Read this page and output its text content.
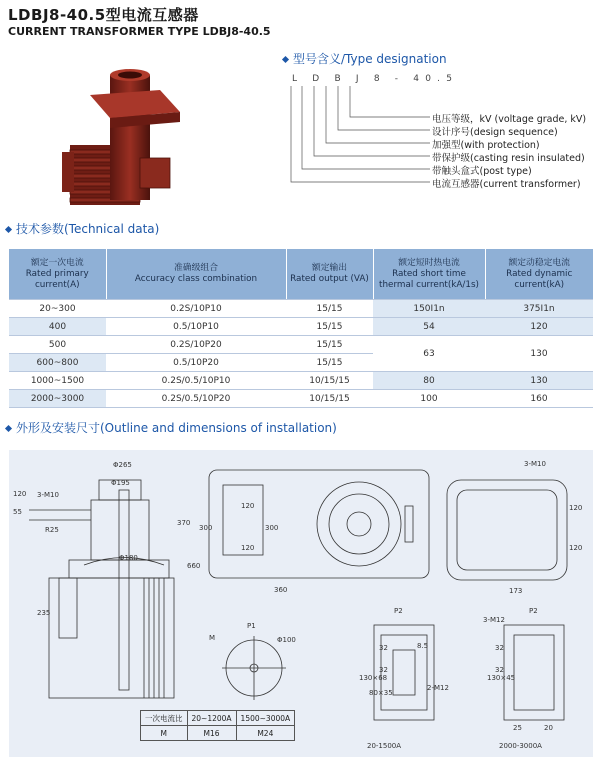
LDBJ8-40.5型电流互感器
CURRENT TRANSFORMER TYPE LDBJ8-40.5
型号含义/Type designation
L D B J 8 - 40.5
电压等级，kV (voltage grade, kV)
设计序号(design sequence)
加强型(with protection)
带保护级(casting resin insulated)
带触头盒式(post type)
电流互感器(current transformer)
技术参数(Technical data)
额定一次电流
Rated primary
current(A)	准确级组合
Accuracy class combination	额定输出
Rated output (VA)	额定短时热电流
Rated short time
thermal current(kA/1s)	额定动稳定电流
Rated dynamic
current(kA)
20~300	0.2S/10P10	15/15	150I1n	375I1n
400	0.5/10P10	15/15	54	120
500	0.2S/10P20	15/15	63	130
600~800	0.5/10P20	15/15		
1000~1500	0.2S/0.5/10P10	10/15/15	80	130
2000~3000	0.2S/0.5/10P20	10/15/15	100	160
外形及安装尺寸(Outline and dimensions of installation)
Φ265
Φ195
Φ180
3-M10
R25
55
120
370
660
235
300
120
120
300
360
3-M10
120
120
173
P1
M	Φ100
P2
130×68
80×35
32
32
8.5
2-M12
P2
3-M12
130×45
32
32
25	20
20-1500A	2000-3000A
一次电流比	20~1200A	1500~3000A
M	M16	M24
